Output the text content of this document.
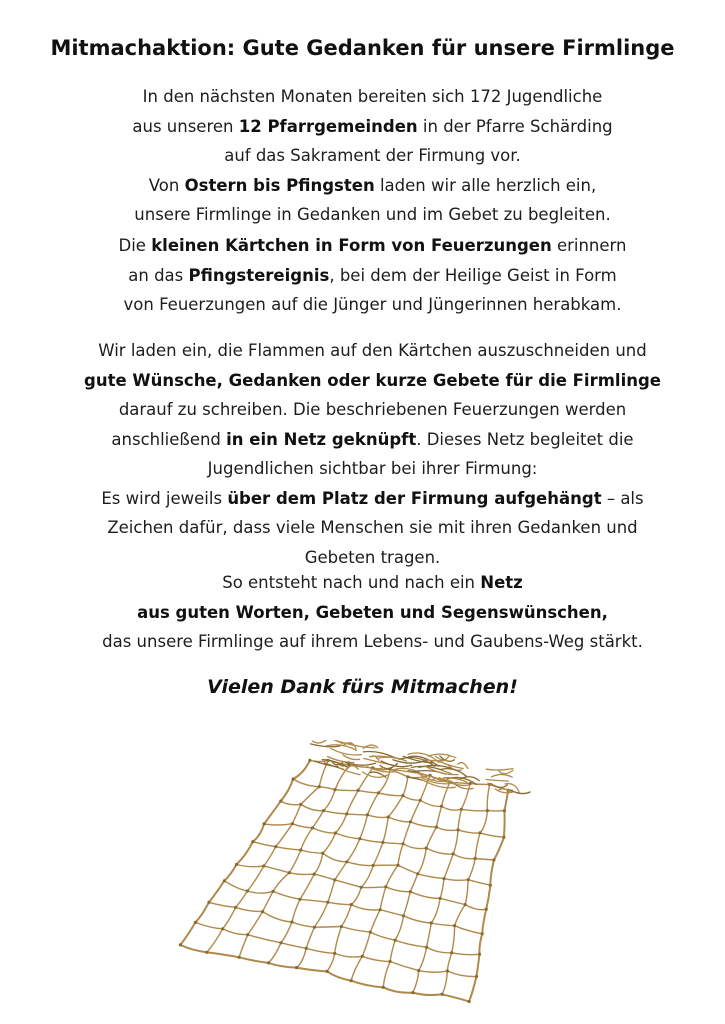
Mitmachaktion: Gute Gedanken für unsere Firmlinge

In den nächsten Monaten bereiten sich 172 Jugendliche
aus unseren 12 Pfarrgemeinden in der Pfarre Schärding
auf das Sakrament der Firmung vor.
Von Ostern bis Pfingsten laden wir alle herzlich ein,
unsere Firmlinge in Gedanken und im Gebet zu begleiten.

Die kleinen Kärtchen in Form von Feuerzungen erinnern
an das Pfingstereignis, bei dem der Heilige Geist in Form
von Feuerzungen auf die Jünger und Jüngerinnen herabkam.

Wir laden ein, die Flammen auf den Kärtchen auszuschneiden und
gute Wünsche, Gedanken oder kurze Gebete für die Firmlinge
darauf zu schreiben. Die beschriebenen Feuerzungen werden
anschließend in ein Netz geknüpft. Dieses Netz begleitet die
Jugendlichen sichtbar bei ihrer Firmung:
Es wird jeweils über dem Platz der Firmung aufgehängt – als
Zeichen dafür, dass viele Menschen sie mit ihren Gedanken und
Gebeten tragen.

So entsteht nach und nach ein Netz
aus guten Worten, Gebeten und Segenswünschen,
das unsere Firmlinge auf ihrem Lebens- und Gaubens-Weg stärkt.

Vielen Dank fürs Mitmachen!
